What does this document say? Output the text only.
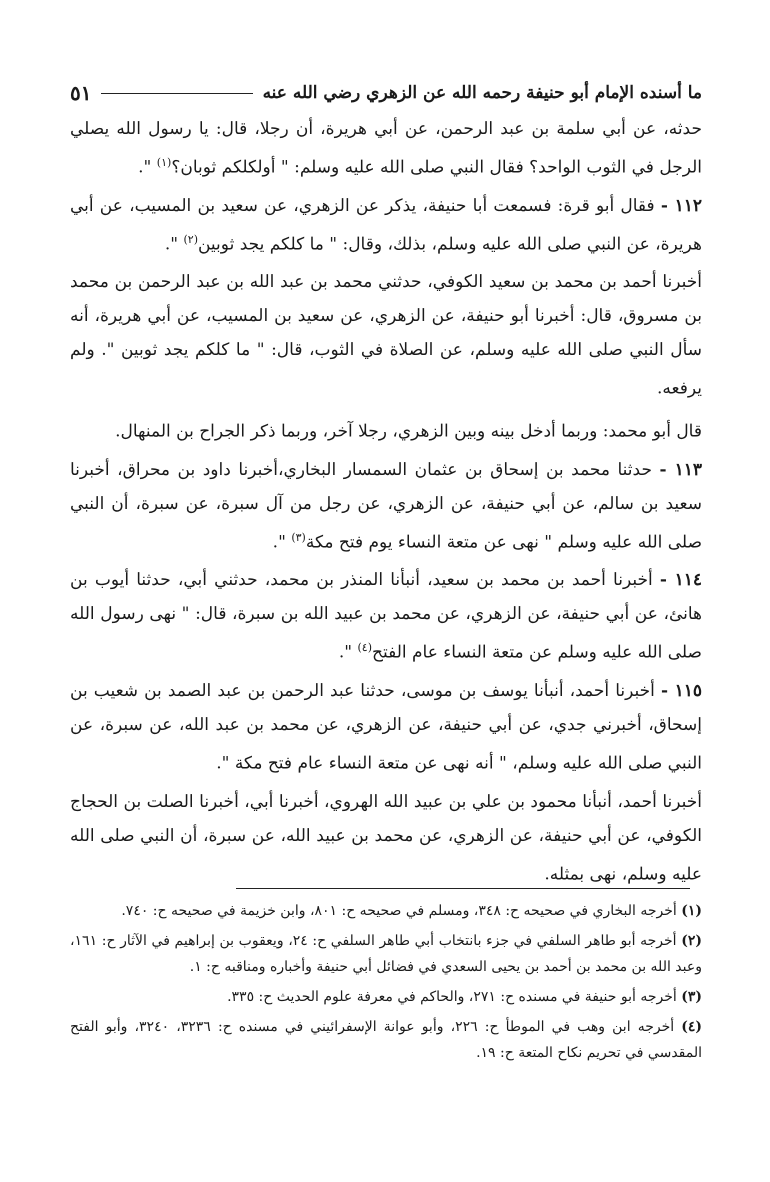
ما أسنده الإمام أبو حنيفة رحمه الله عن الزهري رضي الله عنه
٥١

حدثه، عن أبي سلمة بن عبد الرحمن، عن أبي هريرة، أن رجلا، قال: يا رسول الله يصلي الرجل في الثوب الواحد؟ فقال النبي صلى الله عليه وسلم: " أولكلكم ثوبان؟$^{(١)}$ ".

١١٢ - فقال أبو قرة: فسمعت أبا حنيفة، يذكر عن الزهري، عن سعيد بن المسيب، عن أبي هريرة، عن النبي صلى الله عليه وسلم، بذلك، وقال: " ما كلكم يجد ثوبين$^{(٢)}$ ".

أخبرنا أحمد بن محمد بن سعيد الكوفي، حدثني محمد بن عبد الله بن عبد الرحمن بن محمد بن مسروق، قال: أخبرنا أبو حنيفة، عن الزهري، عن سعيد بن المسيب، عن أبي هريرة، أنه سأل النبي صلى الله عليه وسلم، عن الصلاة في الثوب، قال: " ما كلكم يجد ثوبين ". ولم يرفعه.

قال أبو محمد: وربما أدخل بينه وبين الزهري، رجلا آخر، وربما ذكر الجراح بن المنهال.

١١٣ - حدثنا محمد بن إسحاق بن عثمان السمسار البخاري،أخبرنا داود بن محراق، أخبرنا سعيد بن سالم، عن أبي حنيفة، عن الزهري، عن رجل من آل سبرة، عن سبرة، أن النبي صلى الله عليه وسلم " نهى عن متعة النساء يوم فتح مكة$^{(٣)}$ ".

١١٤ - أخبرنا أحمد بن محمد بن سعيد، أنبأنا المنذر بن محمد، حدثني أبي، حدثنا أيوب بن هانئ، عن أبي حنيفة، عن الزهري، عن محمد بن عبيد الله بن سبرة، قال: " نهى رسول الله صلى الله عليه وسلم عن متعة النساء عام الفتح$^{(٤)}$ ".

١١٥ - أخبرنا أحمد، أنبأنا يوسف بن موسى، حدثنا عبد الرحمن بن عبد الصمد بن شعيب بن إسحاق، أخبرني جدي، عن أبي حنيفة، عن الزهري، عن محمد بن عبد الله، عن سبرة، عن النبي صلى الله عليه وسلم، " أنه نهى عن متعة النساء عام فتح مكة ".

أخبرنا أحمد، أنبأنا محمود بن علي بن عبيد الله الهروي، أخبرنا أبي، أخبرنا الصلت بن الحجاج الكوفي، عن أبي حنيفة، عن الزهري، عن محمد بن عبيد الله، عن سبرة، أن النبي صلى الله عليه وسلم، نهى بمثله.

(١) أخرجه البخاري في صحيحه ح: ٣٤٨، ومسلم في صحيحه ح: ٨٠١، وابن خزيمة في صحيحه ح: ٧٤٠.

(٢) أخرجه أبو طاهر السلفي في جزء بانتخاب أبي طاهر السلفي ح: ٢٤، ويعقوب بن إبراهيم في الآثار ح: ١٦١، وعبد الله بن محمد بن أحمد بن يحيى السعدي في فضائل أبي حنيفة وأخباره ومناقبه ح: ١.

(٣) أخرجه أبو حنيفة في مسنده ح: ٢٧١، والحاكم في معرفة علوم الحديث ح: ٣٣٥.

(٤) أخرجه ابن وهب في الموطأ ح: ٢٢٦، وأبو عوانة الإسفرائيني في مسنده ح: ٣٢٣٦، ٣٢٤٠، وأبو الفتح المقدسي في تحريم نكاح المتعة ح: ١٩.
